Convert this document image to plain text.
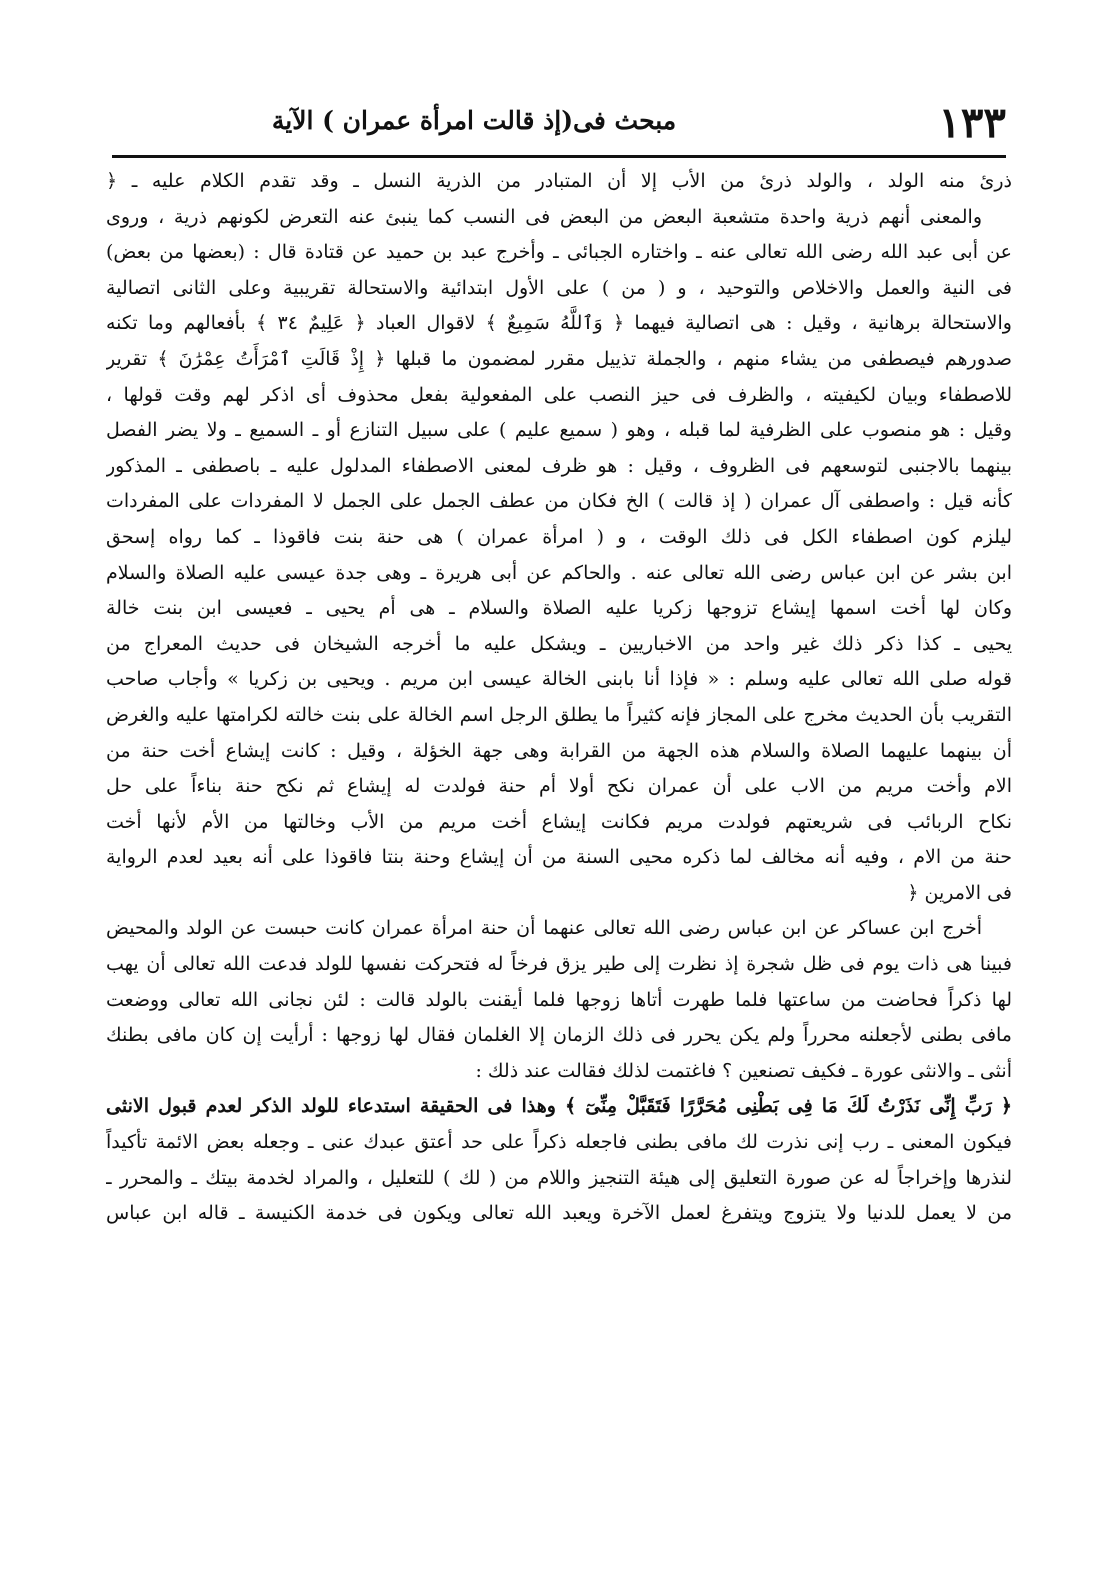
١٣٣
مبحث فى(إذ قالت امرأة عمران ) الآية
ذرئ منه الولد ، والولد ذرئ من الأب إلا أن المتبادر من الذرية النسل ـ وقد تقدم الكلام عليه ـ ﴿
والمعنى أنهم ذرية واحدة متشعبة البعض من البعض فى النسب كما ينبئ عنه التعرض لكونهم ذرية ، وروى
عن أبى عبد الله رضى الله تعالى عنه ـ واختاره الجبائى ـ وأخرج عبد بن حميد عن قتادة قال : (بعضها من بعض)
فى النية والعمل والاخلاص والتوحيد ، و ( من ) على الأول ابتدائية والاستحالة تقريبية وعلى الثانى اتصالية
والاستحالة برهانية ، وقيل : هى اتصالية فيهما ﴿ وَٱللَّهُ سَمِيعٌ ﴾ لاقوال العباد ﴿ عَلِيمٌ ٣٤ ﴾ بأفعالهم وما تكنه
صدورهم فيصطفى من يشاء منهم ، والجملة تذييل مقرر لمضمون ما قبلها ﴿ إِذْ قَالَتِ ٱمْرَأَتُ عِمْرَٰنَ ﴾ تقرير
للاصطفاء وبيان لكيفيته ، والظرف فى حيز النصب على المفعولية بفعل محذوف أى اذكر لهم وقت قولها ،
وقيل : هو منصوب على الظرفية لما قبله ، وهو ( سميع عليم ) على سبيل التنازع أو ـ السميع ـ ولا يضر الفصل
بينهما بالاجنبى لتوسعهم فى الظروف ، وقيل : هو ظرف لمعنى الاصطفاء المدلول عليه ـ باصطفى ـ المذكور
كأنه قيل : واصطفى آل عمران ( إذ قالت ) الخ فكان من عطف الجمل على الجمل لا المفردات على المفردات
ليلزم كون اصطفاء الكل فى ذلك الوقت ، و ( امرأة عمران ) هى حنة بنت فاقوذا ـ كما رواه إسحق
ابن بشر عن ابن عباس رضى الله تعالى عنه . والحاكم عن أبى هريرة ـ وهى جدة عيسى عليه الصلاة والسلام
وكان لها أخت اسمها إيشاع تزوجها زكريا عليه الصلاة والسلام ـ هى أم يحيى ـ فعيسى ابن بنت خالة
يحيى ـ كذا ذكر ذلك غير واحد من الاخباريين ـ ويشكل عليه ما أخرجه الشيخان فى حديث المعراج من
قوله صلى الله تعالى عليه وسلم : « فإذا أنا بابنى الخالة عيسى ابن مريم . ويحيى بن زكريا » وأجاب صاحب
التقريب بأن الحديث مخرج على المجاز فإنه كثيراً ما يطلق الرجل اسم الخالة على بنت خالته لكرامتها عليه والغرض
أن بينهما عليهما الصلاة والسلام هذه الجهة من القرابة وهى جهة الخؤلة ، وقيل : كانت إيشاع أخت حنة من
الام وأخت مريم من الاب على أن عمران نكح أولا أم حنة فولدت له إيشاع ثم نكح حنة بناءاً على حل
نكاح الربائب فى شريعتهم فولدت مريم فكانت إيشاع أخت مريم من الأب وخالتها من الأم لأنها أخت
حنة من الام ، وفيه أنه مخالف لما ذكره محيى السنة من أن إيشاع وحنة بنتا فاقوذا على أنه بعيد لعدم الرواية
فى الامرين ﴿
أخرج ابن عساكر عن ابن عباس رضى الله تعالى عنهما أن حنة امرأة عمران كانت حبست عن الولد والمحيض
فبينا هى ذات يوم فى ظل شجرة إذ نظرت إلى طير يزق فرخاً له فتحركت نفسها للولد فدعت الله تعالى أن يهب
لها ذكراً فحاضت من ساعتها فلما طهرت أتاها زوجها فلما أيقنت بالولد قالت : لئن نجانى الله تعالى ووضعت
مافى بطنى لأجعلنه محرراً ولم يكن يحرر فى ذلك الزمان إلا الغلمان فقال لها زوجها : أرأيت إن كان مافى بطنك
أنثى ـ والانثى عورة ـ فكيف تصنعين ؟ فاغتمت لذلك فقالت عند ذلك :
﴿ رَبِّ إِنِّى نَذَرْتُ لَكَ مَا فِى بَطْنِى مُحَرَّرًا فَتَقَبَّلْ مِنِّىٓ ﴾ وهذا فى الحقيقة استدعاء للولد الذكر لعدم قبول الانثى
فيكون المعنى ـ رب إنى نذرت لك مافى بطنى فاجعله ذكراً على حد أعتق عبدك عنى ـ وجعله بعض الائمة تأكيداً
لنذرها وإخراجاً له عن صورة التعليق إلى هيئة التنجيز واللام من ( لك ) للتعليل ، والمراد لخدمة بيتك ـ والمحرر ـ
من لا يعمل للدنيا ولا يتزوج ويتفرغ لعمل الآخرة ويعبد الله تعالى ويكون فى خدمة الكنيسة ـ قاله ابن عباس
